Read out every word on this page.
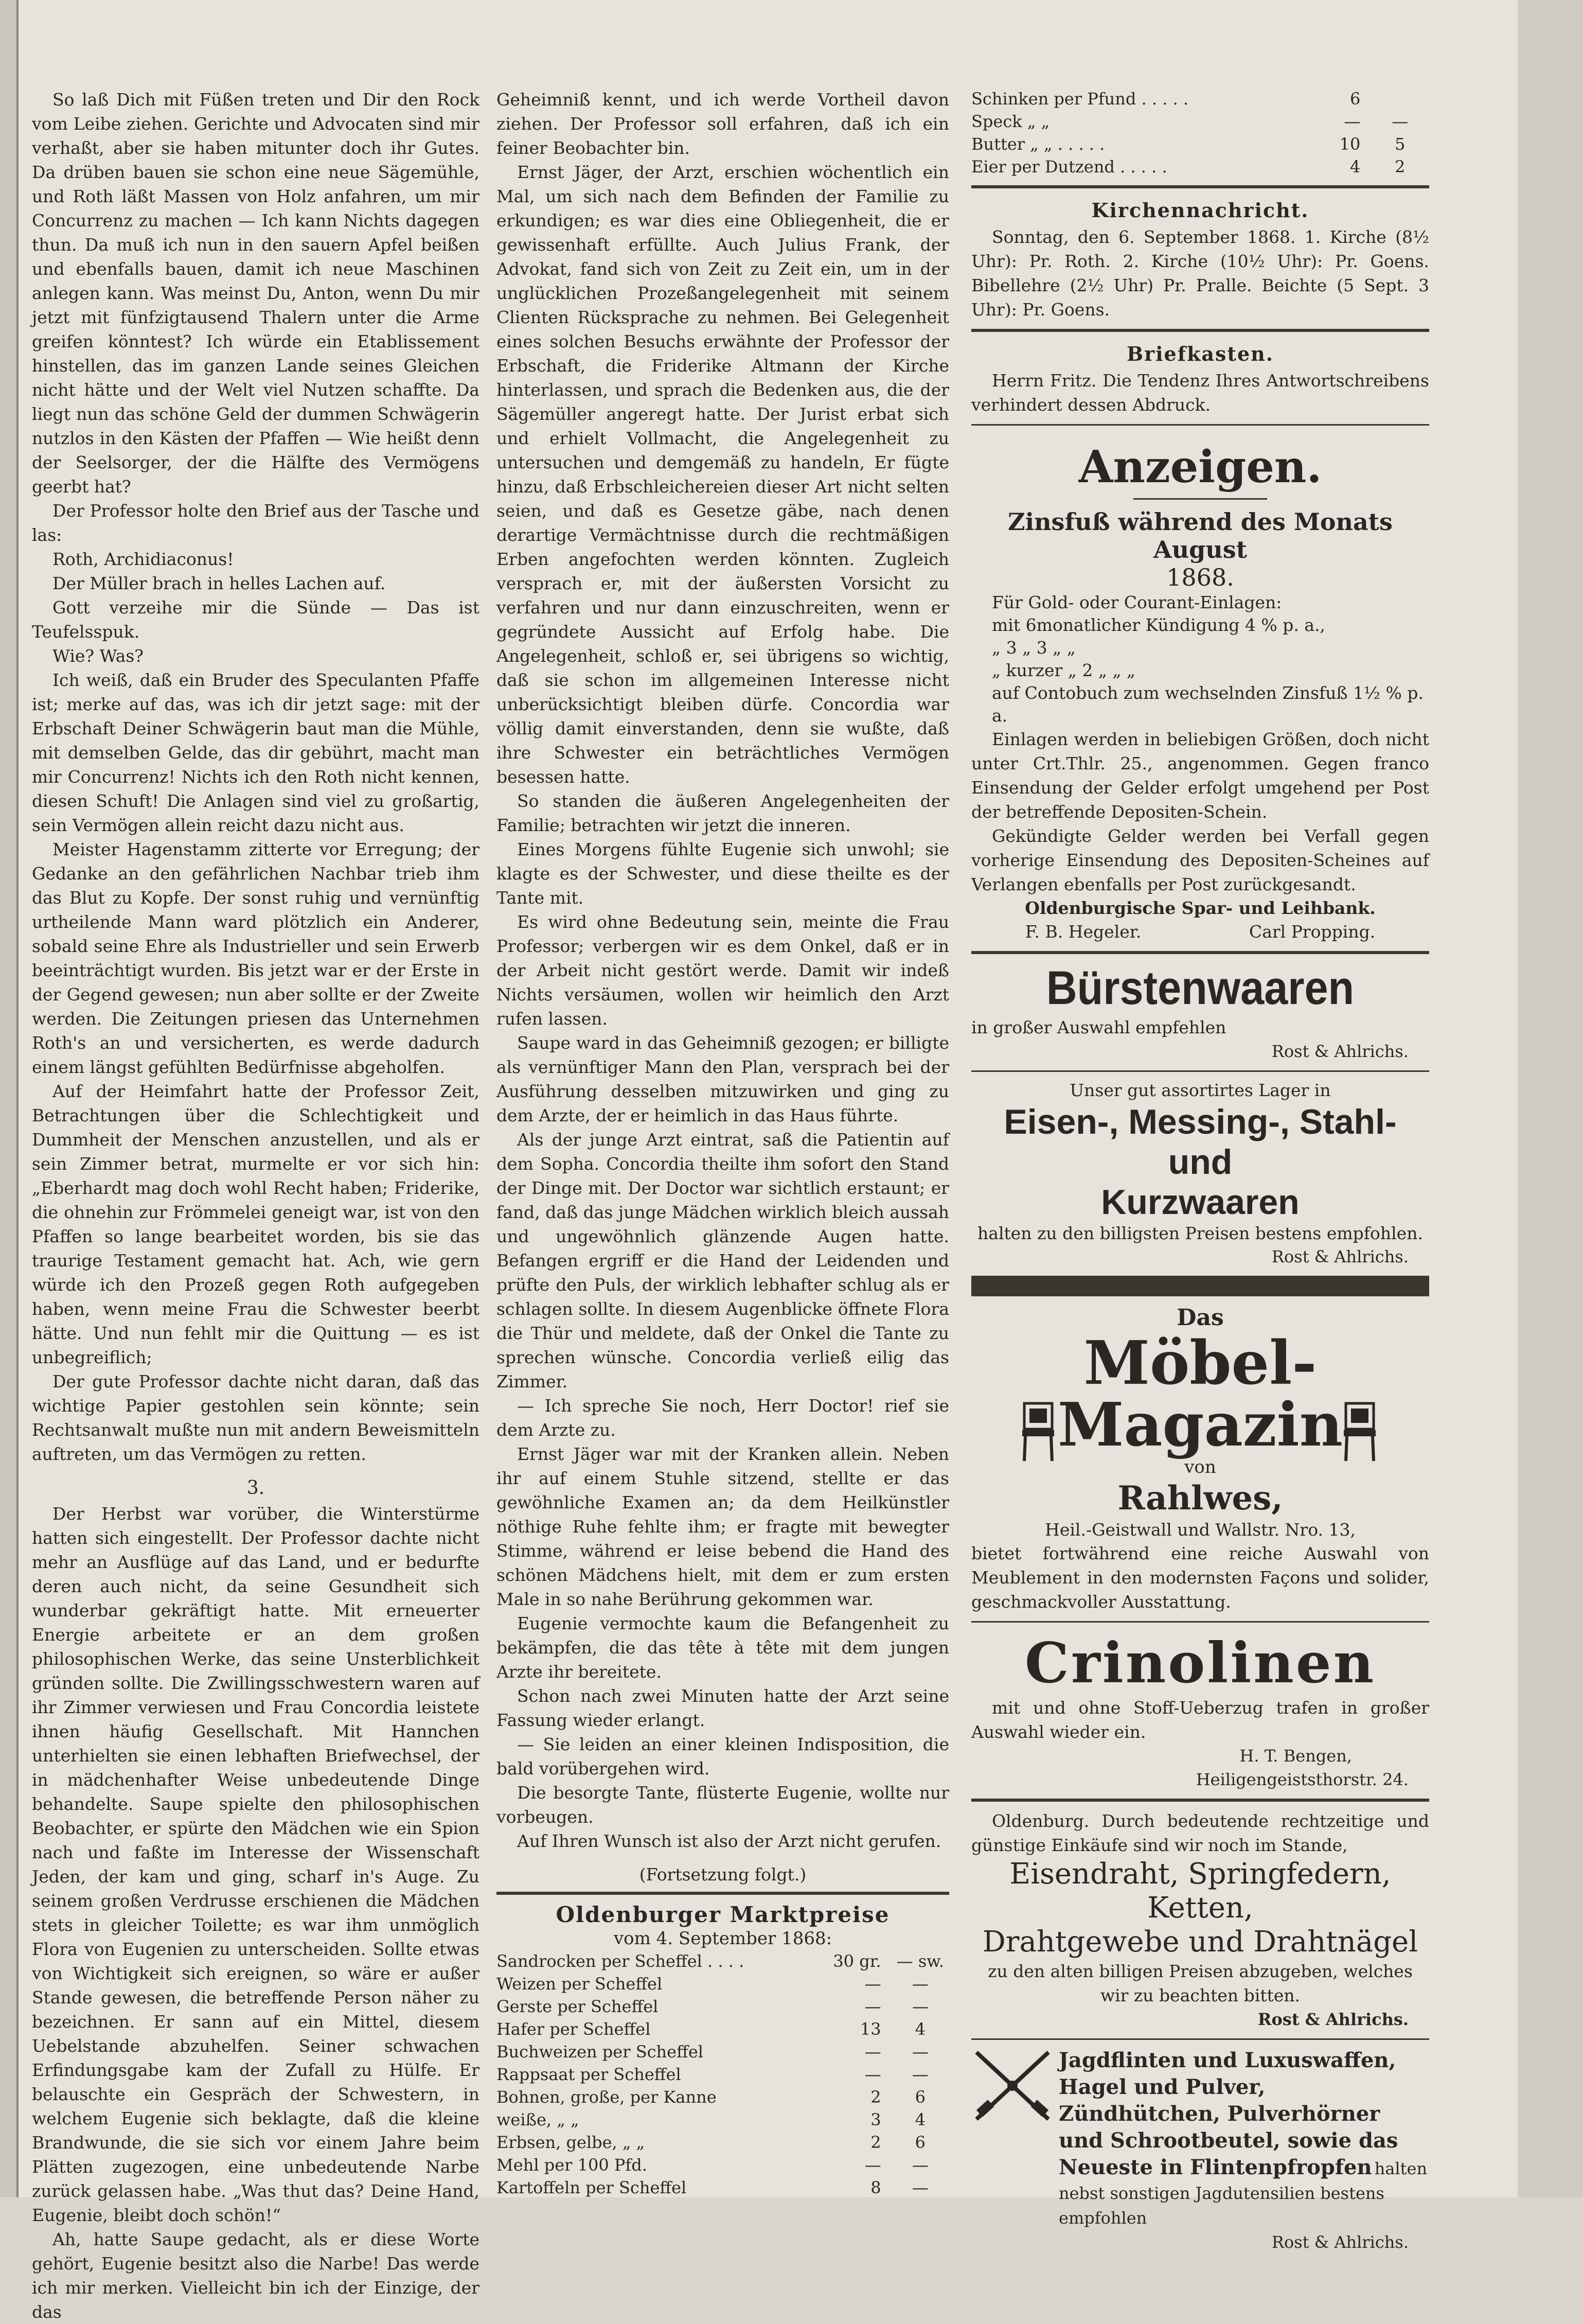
So laß Dich mit Füßen treten und Dir den Rock vom Leibe ziehen. Gerichte und Advocaten sind mir verhaßt, aber sie haben mitunter doch ihr Gutes. Da drüben bauen sie schon eine neue Sägemühle, und Roth läßt Massen von Holz anfahren, um mir Concurrenz zu machen — Ich kann Nichts dagegen thun. Da muß ich nun in den sauern Apfel beißen und ebenfalls bauen, damit ich neue Maschinen anlegen kann. Was meinst Du, Anton, wenn Du mir jetzt mit fünfzigtausend Thalern unter die Arme greifen könntest? Ich würde ein Etablissement hinstellen, das im ganzen Lande seines Gleichen nicht hätte und der Welt viel Nutzen schaffte. Da liegt nun das schöne Geld der dummen Schwägerin nutzlos in den Kästen der Pfaffen — Wie heißt denn der Seelsorger, der die Hälfte des Vermögens geerbt hat?

Der Professor holte den Brief aus der Tasche und las:

Roth, Archidiaconus!

Der Müller brach in helles Lachen auf.

Gott verzeihe mir die Sünde — Das ist Teufelsspuk.

Wie? Was?

Ich weiß, daß ein Bruder des Speculanten Pfaffe ist; merke auf das, was ich dir jetzt sage: mit der Erbschaft Deiner Schwägerin baut man die Mühle, mit demselben Gelde, das dir gebührt, macht man mir Concurrenz! Nichts ich den Roth nicht kennen, diesen Schuft! Die Anlagen sind viel zu großartig, sein Vermögen allein reicht dazu nicht aus.

Meister Hagenstamm zitterte vor Erregung; der Gedanke an den gefährlichen Nachbar trieb ihm das Blut zu Kopfe. Der sonst ruhig und vernünftig urtheilende Mann ward plötzlich ein Anderer, sobald seine Ehre als Industrieller und sein Erwerb beeinträchtigt wurden. Bis jetzt war er der Erste in der Gegend gewesen; nun aber sollte er der Zweite werden. Die Zeitungen priesen das Unternehmen Roth's an und versicherten, es werde dadurch einem längst gefühlten Bedürfnisse abgeholfen.

Auf der Heimfahrt hatte der Professor Zeit, Betrachtungen über die Schlechtigkeit und Dummheit der Menschen anzustellen, und als er sein Zimmer betrat, murmelte er vor sich hin: „Eberhardt mag doch wohl Recht haben; Friderike, die ohnehin zur Frömmelei geneigt war, ist von den Pfaffen so lange bearbeitet worden, bis sie das traurige Testament gemacht hat. Ach, wie gern würde ich den Prozeß gegen Roth aufgegeben haben, wenn meine Frau die Schwester beerbt hätte. Und nun fehlt mir die Quittung — es ist unbegreiflich;

Der gute Professor dachte nicht daran, daß das wichtige Papier gestohlen sein könnte; sein Rechtsanwalt mußte nun mit andern Beweismitteln auftreten, um das Vermögen zu retten.

3.

Der Herbst war vorüber, die Winterstürme hatten sich eingestellt. Der Professor dachte nicht mehr an Ausflüge auf das Land, und er bedurfte deren auch nicht, da seine Gesundheit sich wunderbar gekräftigt hatte. Mit erneuerter Energie arbeitete er an dem großen philosophischen Werke, das seine Unsterblichkeit gründen sollte. Die Zwillingsschwestern waren auf ihr Zimmer verwiesen und Frau Concordia leistete ihnen häufig Gesellschaft. Mit Hannchen unterhielten sie einen lebhaften Briefwechsel, der in mädchenhafter Weise unbedeutende Dinge behandelte. Saupe spielte den philosophischen Beobachter, er spürte den Mädchen wie ein Spion nach und faßte im Interesse der Wissenschaft Jeden, der kam und ging, scharf in's Auge. Zu seinem großen Verdrusse erschienen die Mädchen stets in gleicher Toilette; es war ihm unmöglich Flora von Eugenien zu unterscheiden. Sollte etwas von Wichtigkeit sich ereignen, so wäre er außer Stande gewesen, die betreffende Person näher zu bezeichnen. Er sann auf ein Mittel, diesem Uebelstande abzuhelfen. Seiner schwachen Erfindungsgabe kam der Zufall zu Hülfe. Er belauschte ein Gespräch der Schwestern, in welchem Eugenie sich beklagte, daß die kleine Brandwunde, die sie sich vor einem Jahre beim Plätten zugezogen, eine unbedeutende Narbe zurück gelassen habe. „Was thut das? Deine Hand, Eugenie, bleibt doch schön!“

Ah, hatte Saupe gedacht, als er diese Worte gehört, Eugenie besitzt also die Narbe! Das werde ich mir merken. Vielleicht bin ich der Einzige, der das

Geheimniß kennt, und ich werde Vortheil davon ziehen. Der Professor soll erfahren, daß ich ein feiner Beobachter bin.

Ernst Jäger, der Arzt, erschien wöchentlich ein Mal, um sich nach dem Befinden der Familie zu erkundigen; es war dies eine Obliegenheit, die er gewissenhaft erfüllte. Auch Julius Frank, der Advokat, fand sich von Zeit zu Zeit ein, um in der unglücklichen Prozeßangelegenheit mit seinem Clienten Rücksprache zu nehmen. Bei Gelegenheit eines solchen Besuchs erwähnte der Professor der Erbschaft, die Friderike Altmann der Kirche hinterlassen, und sprach die Bedenken aus, die der Sägemüller angeregt hatte. Der Jurist erbat sich und erhielt Vollmacht, die Angelegenheit zu untersuchen und demgemäß zu handeln, Er fügte hinzu, daß Erbschleichereien dieser Art nicht selten seien, und daß es Gesetze gäbe, nach denen derartige Vermächtnisse durch die rechtmäßigen Erben angefochten werden könnten. Zugleich versprach er, mit der äußersten Vorsicht zu verfahren und nur dann einzuschreiten, wenn er gegründete Aussicht auf Erfolg habe. Die Angelegenheit, schloß er, sei übrigens so wichtig, daß sie schon im allgemeinen Interesse nicht unberücksichtigt bleiben dürfe. Concordia war völlig damit einverstanden, denn sie wußte, daß ihre Schwester ein beträchtliches Vermögen besessen hatte.

So standen die äußeren Angelegenheiten der Familie; betrachten wir jetzt die inneren.

Eines Morgens fühlte Eugenie sich unwohl; sie klagte es der Schwester, und diese theilte es der Tante mit.

Es wird ohne Bedeutung sein, meinte die Frau Professor; verbergen wir es dem Onkel, daß er in der Arbeit nicht gestört werde. Damit wir indeß Nichts versäumen, wollen wir heimlich den Arzt rufen lassen.

Saupe ward in das Geheimniß gezogen; er billigte als vernünftiger Mann den Plan, versprach bei der Ausführung desselben mitzuwirken und ging zu dem Arzte, der er heimlich in das Haus führte.

Als der junge Arzt eintrat, saß die Patientin auf dem Sopha. Concordia theilte ihm sofort den Stand der Dinge mit. Der Doctor war sichtlich erstaunt; er fand, daß das junge Mädchen wirklich bleich aussah und ungewöhnlich glänzende Augen hatte. Befangen ergriff er die Hand der Leidenden und prüfte den Puls, der wirklich lebhafter schlug als er schlagen sollte. In diesem Augenblicke öffnete Flora die Thür und meldete, daß der Onkel die Tante zu sprechen wünsche. Concordia verließ eilig das Zimmer.

— Ich spreche Sie noch, Herr Doctor! rief sie dem Arzte zu.

Ernst Jäger war mit der Kranken allein. Neben ihr auf einem Stuhle sitzend, stellte er das gewöhnliche Examen an; da dem Heilkünstler nöthige Ruhe fehlte ihm; er fragte mit bewegter Stimme, während er leise bebend die Hand des schönen Mädchens hielt, mit dem er zum ersten Male in so nahe Berührung gekommen war.

Eugenie vermochte kaum die Befangenheit zu bekämpfen, die das tête à tête mit dem jungen Arzte ihr bereitete.

Schon nach zwei Minuten hatte der Arzt seine Fassung wieder erlangt.

— Sie leiden an einer kleinen Indisposition, die bald vorübergehen wird.

Die besorgte Tante, flüsterte Eugenie, wollte nur vorbeugen.

Auf Ihren Wunsch ist also der Arzt nicht gerufen.

(Fortsetzung folgt.)
Oldenburger Marktpreise
vom 4. September 1868:
Sandrocken per Scheffel . . . .	30 gr.	— sw.
Weizen per Scheffel	—	—
Gerste per Scheffel	—	—
Hafer per Scheffel	13	4
Buchweizen per Scheffel	—	—
Rappsaat per Scheffel	—	—
Bohnen, große, per Kanne	2	6
weiße, „ „	3	4
Erbsen, gelbe, „ „	2	6
Mehl per 100 Pfd.	—	—
Kartoffeln per Scheffel	8	—
Schinken per Pfund . . . . .	6	
Speck „ „	—	—
Butter „ „ . . . . .	10	5
Eier per Dutzend . . . . .	4	2
Kirchennachricht.

Sonntag, den 6. September 1868. 1. Kirche (8½ Uhr): Pr. Roth. 2. Kirche (10½ Uhr): Pr. Goens. Bibellehre (2½ Uhr) Pr. Pralle. Beichte (5 Sept. 3 Uhr): Pr. Goens.

Briefkasten.

Herrn Fritz. Die Tendenz Ihres Antwortschreibens verhindert dessen Abdruck.

Anzeigen.
Zinsfuß während des Monats August
1868.
Für Gold- oder Courant-Einlagen:
mit 6monatlicher Kündigung 4 % p. a.,
„ 3 „ 3 „ „
„ kurzer „ 2 „ „ „
auf Contobuch zum wechselnden Zinsfuß 1½ % p. a.

Einlagen werden in beliebigen Größen, doch nicht unter Crt.Thlr. 25., angenommen. Gegen franco Einsendung der Gelder erfolgt umgehend per Post der betreffende Depositen-Schein.

Gekündigte Gelder werden bei Verfall gegen vorherige Einsendung des Depositen-Scheines auf Verlangen ebenfalls per Post zurückgesandt.

Oldenburgische Spar- und Leihbank.
F. B. Hegeler.	Carl Propping.
Bürstenwaaren

in großer Auswahl empfehlen

Rost & Ahlrichs.

Unser gut assortirtes Lager in
Eisen-, Messing-, Stahl- und
Kurzwaaren
halten zu den billigsten Preisen bestens empfohlen.

Rost & Ahlrichs.

Das
Möbel-Magazin
von
Rahlwes,
Heil.-Geistwall und Wallstr. Nro. 13,

bietet fortwährend eine reiche Auswahl von Meublement in den modernsten Façons und solider, geschmackvoller Ausstattung.

Crinolinen

mit und ohne Stoff-Ueberzug trafen in großer Auswahl wieder ein.

H. T. Bengen,

Heiligengeiststhorstr. 24.

Oldenburg. Durch bedeutende rechtzeitige und günstige Einkäufe sind wir noch im Stande,

Eisendraht, Springfedern, Ketten,
Drahtgewebe und Drahtnägel

zu den alten billigen Preisen abzugeben, welches wir zu beachten bitten.

Rost & Ahlrichs.

Jagdflinten und Luxuswaffen, Hagel und Pulver, Zündhütchen, Pulverhörner und Schrootbeutel, sowie das Neueste in Flintenpfropfen halten nebst sonstigen Jagdutensilien bestens empfohlen

Rost & Ahlrichs.
